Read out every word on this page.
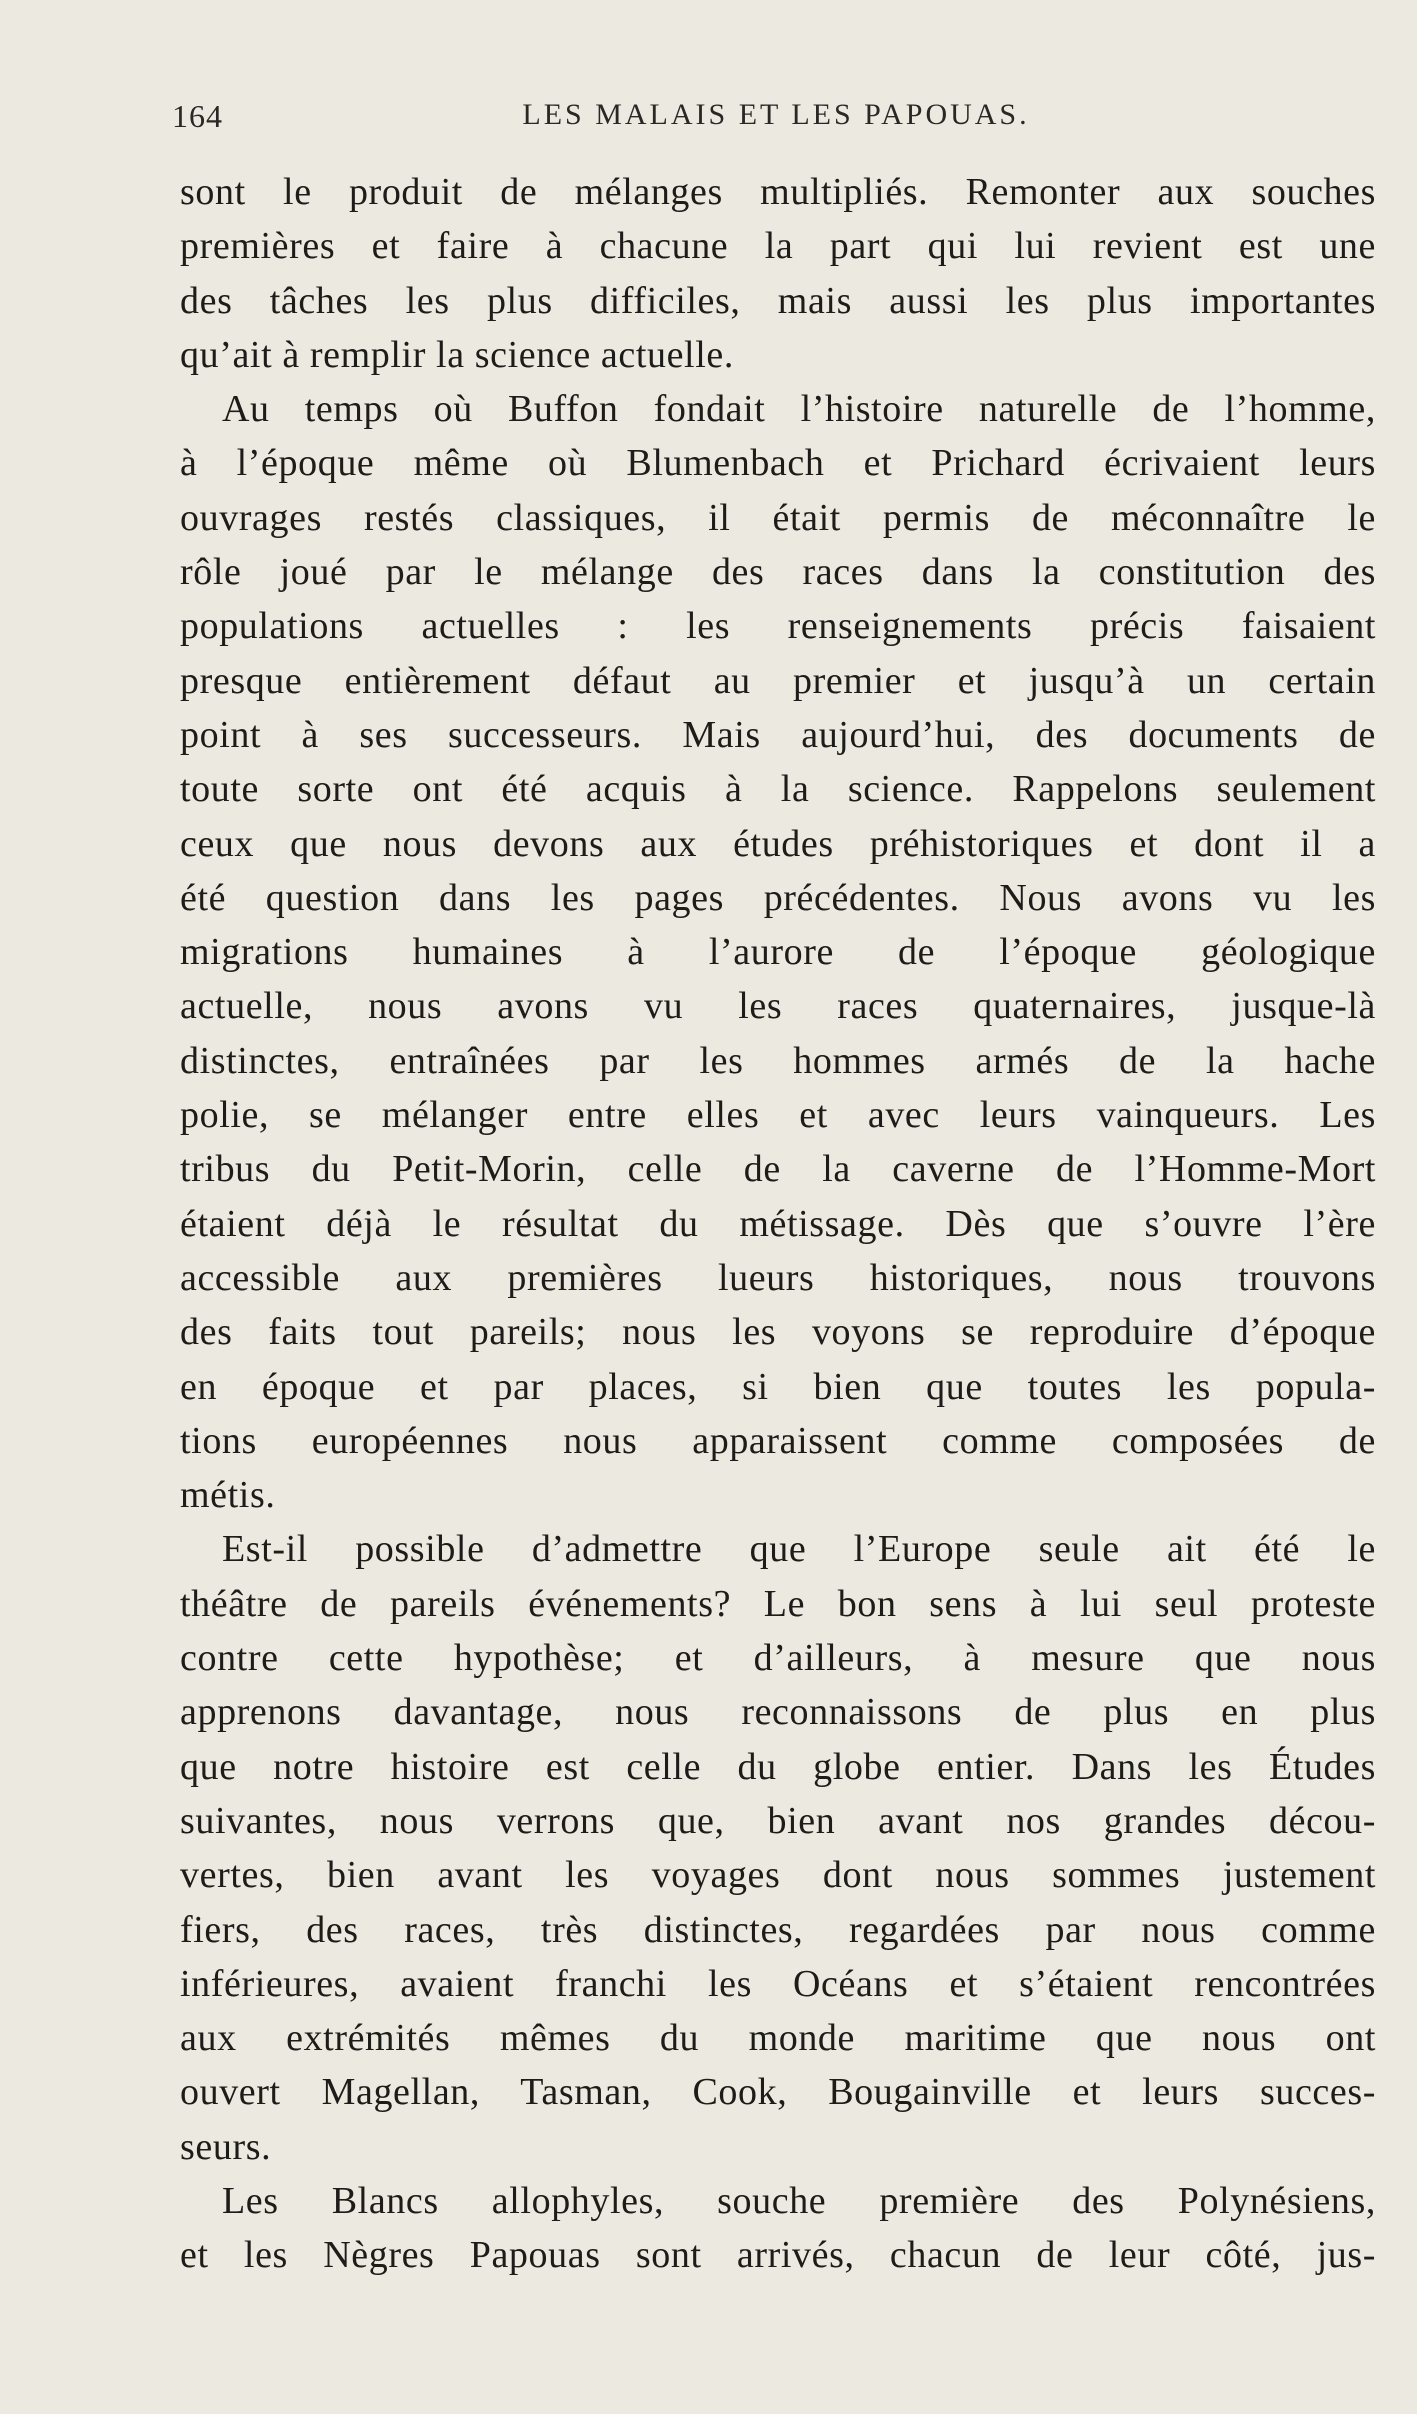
164	LES MALAIS ET LES PAPOUAS.
sont le produit de mélanges multipliés. Remonter aux souches
premières et faire à chacune la part qui lui revient est une
des tâches les plus difficiles, mais aussi les plus importantes
qu’ait à remplir la science actuelle.
Au temps où Buffon fondait l’histoire naturelle de l’homme,
à l’époque même où Blumenbach et Prichard écrivaient leurs
ouvrages restés classiques, il était permis de méconnaître le
rôle joué par le mélange des races dans la constitution des
populations actuelles : les renseignements précis faisaient
presque entièrement défaut au premier et jusqu’à un certain
point à ses successeurs. Mais aujourd’hui, des documents de
toute sorte ont été acquis à la science. Rappelons seulement
ceux que nous devons aux études préhistoriques et dont il a
été question dans les pages précédentes. Nous avons vu les
migrations humaines à l’aurore de l’époque géologique
actuelle, nous avons vu les races quaternaires, jusque-là
distinctes, entraînées par les hommes armés de la hache
polie, se mélanger entre elles et avec leurs vainqueurs. Les
tribus du Petit-Morin, celle de la caverne de l’Homme-Mort
étaient déjà le résultat du métissage. Dès que s’ouvre l’ère
accessible aux premières lueurs historiques, nous trouvons
des faits tout pareils; nous les voyons se reproduire d’époque
en époque et par places, si bien que toutes les popula-
tions européennes nous apparaissent comme composées de
métis.
Est-il possible d’admettre que l’Europe seule ait été le
théâtre de pareils événements? Le bon sens à lui seul proteste
contre cette hypothèse; et d’ailleurs, à mesure que nous
apprenons davantage, nous reconnaissons de plus en plus
que notre histoire est celle du globe entier. Dans les Études
suivantes, nous verrons que, bien avant nos grandes décou-
vertes, bien avant les voyages dont nous sommes justement
fiers, des races, très distinctes, regardées par nous comme
inférieures, avaient franchi les Océans et s’étaient rencontrées
aux extrémités mêmes du monde maritime que nous ont
ouvert Magellan, Tasman, Cook, Bougainville et leurs succes-
seurs.
Les Blancs allophyles, souche première des Polynésiens,
et les Nègres Papouas sont arrivés, chacun de leur côté, jus-
